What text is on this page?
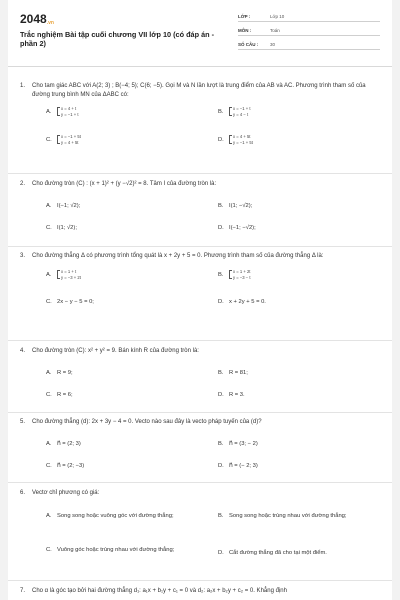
$2048_{.vn}$
Trắc nghiệm Bài tập cuối chương VII lớp 10 (có đáp án - phần 2)
LỚP :	Lớp 10
MÔN :	Toán
SỐ CÂU :	30
1.	Cho tam giác ABC với A(2; 3) ; B(−4; 5); C(6; −5). Gọi M và N lần lượt là trung điểm của AB và AC. Phương trình tham số của đường trung bình MN của ΔABC có:
A.
x = 4 + t
y = −1 + t	B.
x = −1 + t
y = 4 − t
C.
x = −1 + 5t
y = 4 + 5t	D.
x = 4 + 5t
y = −1 + 5t
2.	Cho đường tròn (C) : (x + 1)² + (y −√2)² = 8. Tâm I của đường tròn là:
A. I(−1; √2);	B. I(1; −√2);
C. I(1; √2);	D. I(−1; −√2);
3.	Cho đường thẳng Δ có phương trình tổng quát là x + 2y + 5 = 0. Phương trình tham số của đường thẳng Δ là:
A.
x = 1 + t
y = −3 + 2t	B.
x = 1 + 2t
y = −3 − t
C. 2x − y − 5 = 0;	D. x + 2y + 5 = 0.
4.	Cho đường tròn (C): x² + y² = 9. Bán kính R của đường tròn là:
A. R = 9;	B. R = 81;
C. R = 6;	D. R = 3.
5.	Cho đường thẳng (d): 2x + 3y − 4 = 0. Vecto nào sau đây là vecto pháp tuyến của (d)?
A. n⃗ = (2; 3)	B. n⃗ = (3; − 2)
C. n⃗ = (2; −3)	D. n⃗ = (− 2; 3)
6.	Vectơ chỉ phương có giá:
A. Song song hoặc vuông góc với đường thẳng;	B. Song song hoặc trùng nhau với đường thẳng;
C. Vuông góc hoặc trùng nhau với đường thẳng;	D. Cắt đường thẳng đã cho tại một điểm.
7.	Cho α là góc tạo bởi hai đường thẳng d₁: a₁x + b₁y + c₁ = 0 và d₂: a₂x + b₂y + c₂ = 0. Khẳng định
